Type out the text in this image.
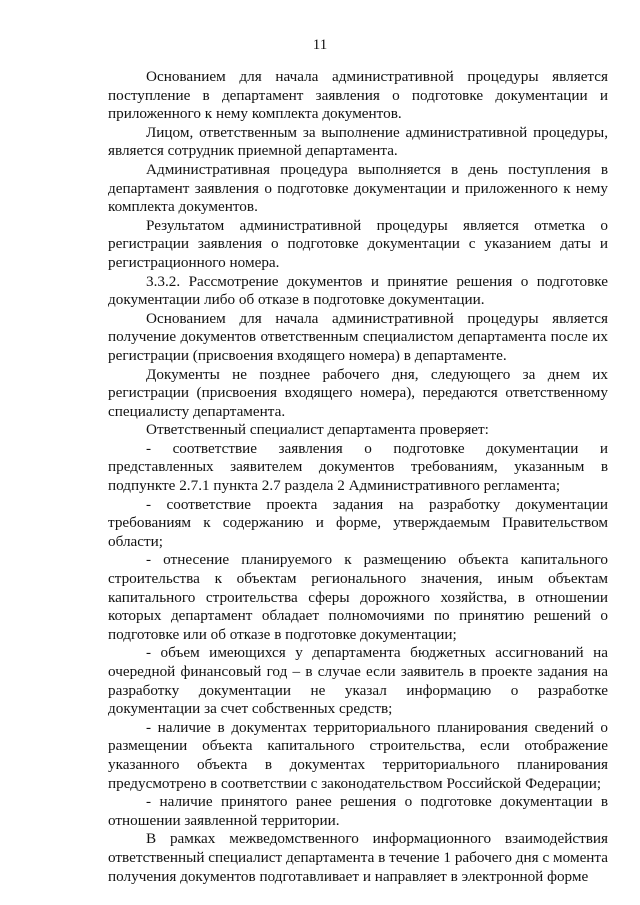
11

Основанием для начала административной процедуры является поступление в департамент заявления о подготовке документации и приложенного к нему комплекта документов.

Лицом, ответственным за выполнение административной процедуры, является сотрудник приемной департамента.

Административная процедура выполняется в день поступления в департамент заявления о подготовке документации и приложенного к нему комплекта документов.

Результатом административной процедуры является отметка о регистрации заявления о подготовке документации с указанием даты и регистрационного номера.

3.3.2. Рассмотрение документов и принятие решения о подготовке документации либо об отказе в подготовке документации.

Основанием для начала административной процедуры является получение документов ответственным специалистом департамента после их регистрации (присвоения входящего номера) в департаменте.

Документы не позднее рабочего дня, следующего за днем их регистрации (присвоения входящего номера), передаются ответственному специалисту департамента.

Ответственный специалист департамента проверяет:

- соответствие заявления о подготовке документации и представленных заявителем документов требованиям, указанным в подпункте 2.7.1 пункта 2.7 раздела 2 Административного регламента;

- соответствие проекта задания на разработку документации требованиям к содержанию и форме, утверждаемым Правительством области;

- отнесение планируемого к размещению объекта капитального строительства к объектам регионального значения, иным объектам капитального строительства сферы дорожного хозяйства, в отношении которых департамент обладает полномочиями по принятию решений о подготовке или об отказе в подготовке документации;

- объем имеющихся у департамента бюджетных ассигнований на очередной финансовый год – в случае если заявитель в проекте задания на разработку документации не указал информацию о разработке документации за счет собственных средств;

- наличие в документах территориального планирования сведений о размещении объекта капитального строительства, если отображение указанного объекта в документах территориального планирования предусмотрено в соответствии с законодательством Российской Федерации;

- наличие принятого ранее решения о подготовке документации в отношении заявленной территории.

В рамках межведомственного информационного взаимодействия ответственный специалист департамента в течение 1 рабочего дня с момента получения документов подготавливает и направляет в электронной форме
